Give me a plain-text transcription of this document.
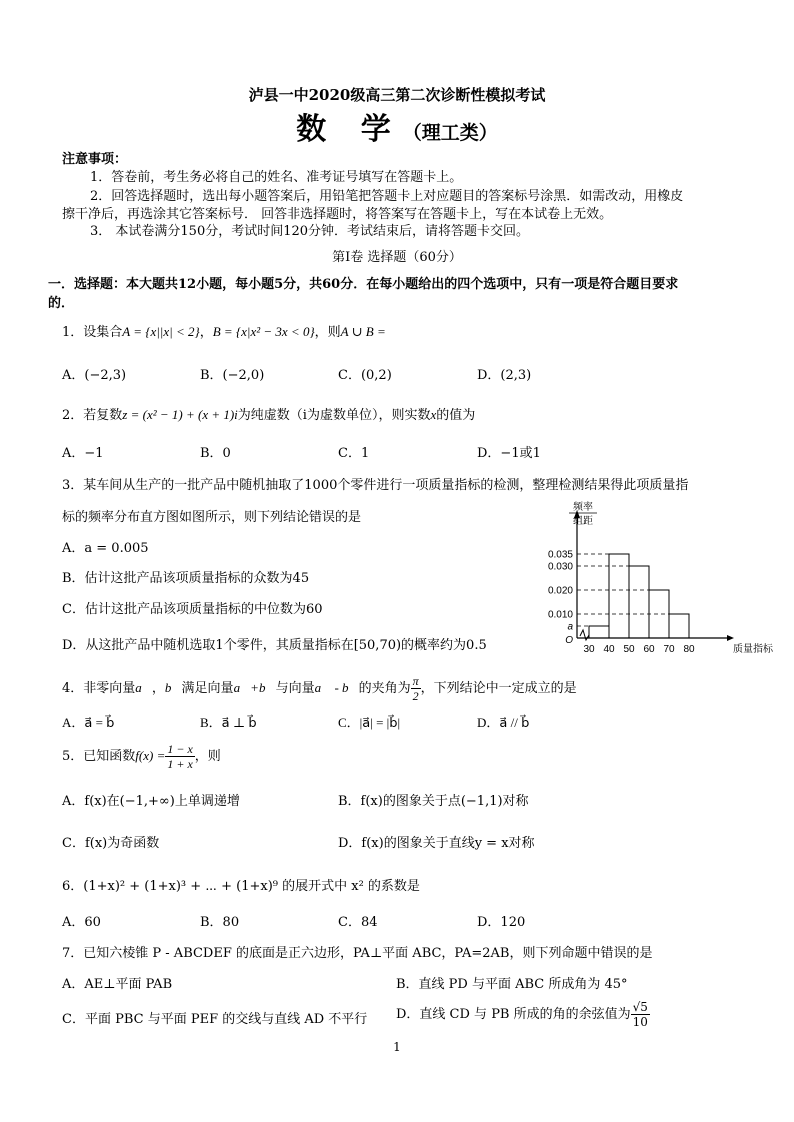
泸县一中2020级高三第二次诊断性模拟考试
数 学（理工类）
注意事项：
1．答卷前，考生务必将自己的姓名、准考证号填写在答题卡上。
2．回答选择题时，选出每小题答案后，用铅笔把答题卡上对应题目的答案标号涂黑．如需改动，用橡皮
擦干净后，再选涂其它答案标号． 回答非选择题时，将答案写在答题卡上，写在本试卷上无效。
3． 本试卷满分150分，考试时间120分钟．考试结束后，请将答题卡交回。
第I卷 选择题（60分）
一．选择题：本大题共12小题，每小题5分，共60分．在每小题给出的四个选项中，只有一项是符合题目要求
的．
1．设集合A = {x||x| < 2}，B = {x|x² − 3x < 0}，则A ∪ B =
A．(−2,3)	B．(−2,0)	C．(0,2)	D．(2,3)
2．若复数z = (x² − 1) + (x + 1)i为纯虚数（i为虚数单位），则实数x的值为
A．−1	B．0	C．1	D．−1或1
3．某车间从生产的一批产品中随机抽取了1000个零件进行一项质量指标的检测，整理检测结果得此项质量指
标的频率分布直方图如图所示，则下列结论错误的是
A．a = 0.005
B．估计这批产品该项质量指标的众数为45
C．估计这批产品该项质量指标的中位数为60
D．从这批产品中随机选取1个零件，其质量指标在[50,70)的概率约为0.5
频率
组距
0.035
0.030
0.020
0.010
a
O
30 40 50 60 70 80	质量指标
4．非零向量a⃗，b⃗满足向量a⃗+b⃗与向量a⃗ - b⃗的夹角为 $\frac{\pi}{2}$ ，下列结论中一定成立的是
A．a⃗ = b⃗	B．a⃗ ⊥ b⃗	C．|a⃗| = |b⃗|	D．a⃗ // b⃗
5．已知函数$f(x) = \frac{1 - x}{1 + x}$ ，则
A．f(x)在(−1,+∞)上单调递增	B．f(x)的图象关于点(−1,1)对称
C．f(x)为奇函数	D．f(x)的图象关于直线y = x对称
6．(1+x)² + (1+x)³ + ⋯ + (1+x)⁹ 的展开式中 x² 的系数是
A．60	B．80	C．84	D．120
7．已知六棱锥 P - ABCDEF 的底面是正六边形，PA⊥平面 ABC，PA=2AB，则下列命题中错误的是
A．AE⊥平面 PAB	B．直线 PD 与平面 ABC 所成角为 45°
C．平面 PBC 与平面 PEF 的交线与直线 AD 不平行 D．直线 CD 与 PB 所成的角的余弦值为 $\frac{√5}{10}$
1
